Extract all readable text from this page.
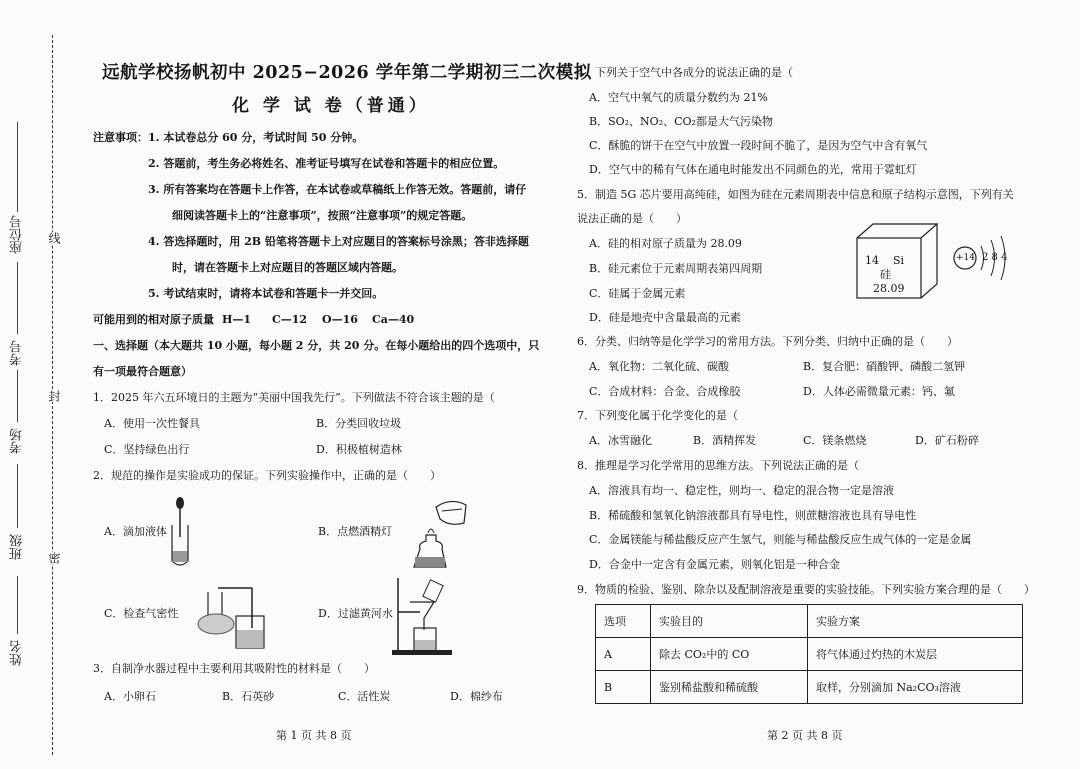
线
封
密
座位号
考号
考场
班级
姓名
远航学校扬帆初中 2025−2026 学年第二学期初三二次模拟
化 学 试 卷（普通）
注意事项： 1. 本试卷总分 60 分，考试时间 50 分钟。
2. 答题前，考生务必将姓名、准考证号填写在试卷和答题卡的相应位置。
3. 所有答案均在答题卡上作答，在本试卷或草稿纸上作答无效。答题前，请仔
细阅读答题卡上的“注意事项”，按照“注意事项”的规定答题。
4. 答选择题时，用 2B 铅笔将答题卡上对应题目的答案标号涂黑；答非选择题
时，请在答题卡上对应题目的答题区域内答题。
5. 考试结束时，请将本试卷和答题卡一并交回。
可能用到的相对原子质量 H—1 C—12 O—16 Ca—40
一、选择题（本大题共 10 小题，每小题 2 分，共 20 分。在每小题给出的四个选项中，只
有一项最符合题意）
1．2025 年六五环境日的主题为“美丽中国我先行”。下列做法不符合该主题的是（
A．使用一次性餐具	B．分类回收垃圾
C．坚持绿色出行	D．积极植树造林
2．规范的操作是实验成功的保证。下列实验操作中，正确的是（　　）
A．滴加液体	B．点燃酒精灯
C．检查气密性	D．过滤黄河水
3．自制净水器过程中主要利用其吸附性的材料是（　　）
A．小卵石	B．石英砂	C．活性炭	D．棉纱布
第 1 页 共 8 页
4．下列关于空气中各成分的说法正确的是（
A．空气中氧气的质量分数约为 21%
B．SO₂、NO₂、CO₂都是大气污染物
C．酥脆的饼干在空气中放置一段时间不脆了，是因为空气中含有氧气
D．空气中的稀有气体在通电时能发出不同颜色的光，常用于霓虹灯
5．制造 5G 芯片要用高纯硅，如图为硅在元素周期表中信息和原子结构示意图，下列有关
说法正确的是（　　）
A．硅的相对原子质量为 28.09
B．硅元素位于元素周期表第四周期
C．硅属于金属元素
D．硅是地壳中含量最高的元素
14 Si
硅
28.09
+14 2 8 4
6．分类、归纳等是化学学习的常用方法。下列分类、归纳中正确的是（　　）
A．氧化物：二氧化硫、碳酸	B．复合肥：硝酸钾、磷酸二氢钾
C．合成材料：合金、合成橡胶	D．人体必需微量元素：钙、氟
7．下列变化属于化学变化的是（
A．冰雪融化	B．酒精挥发	C．镁条燃烧	D．矿石粉碎
8．推理是学习化学常用的思维方法。下列说法正确的是（
A．溶液具有均一、稳定性，则均一、稳定的混合物一定是溶液
B．稀硫酸和氢氧化钠溶液都具有导电性，则蔗糖溶液也具有导电性
C．金属镁能与稀盐酸反应产生氢气，则能与稀盐酸反应生成气体的一定是金属
D．合金中一定含有金属元素，则氧化铝是一种合金
9．物质的检验、鉴别、除杂以及配制溶液是重要的实验技能。下列实验方案合理的是（　　）
选项	实验目的	实验方案
A	除去 CO₂中的 CO	将气体通过灼热的木炭层
B	鉴别稀盐酸和稀硫酸	取样，分别滴加 Na₂CO₃溶液
第 2 页 共 8 页
